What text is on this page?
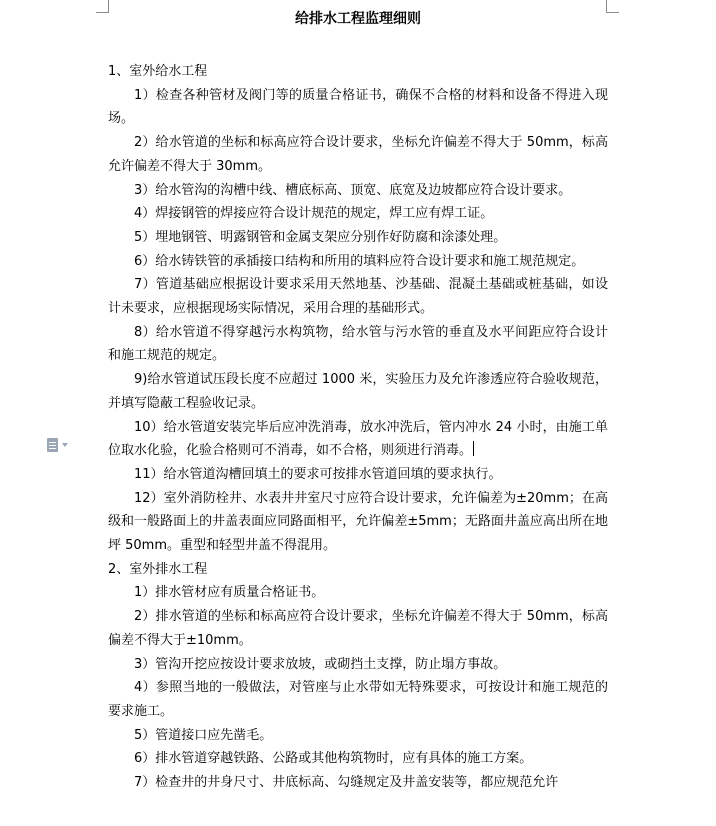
给排水工程监理细则

1、室外给水工程

1）检查各种管材及阀门等的质量合格证书，确保不合格的材料和设备不得进入现场。

2）给水管道的坐标和标高应符合设计要求，坐标允许偏差不得大于 50mm，标高允许偏差不得大于 30mm。

3）给水管沟的沟槽中线、槽底标高、顶宽、底宽及边坡都应符合设计要求。

4）焊接钢管的焊接应符合设计规范的规定，焊工应有焊工证。

5）埋地钢管、明露钢管和金属支架应分别作好防腐和涂漆处理。

6）给水铸铁管的承插接口结构和所用的填料应符合设计要求和施工规范规定。

7）管道基础应根据设计要求采用天然地基、沙基础、混凝土基础或桩基础，如设计未要求，应根据现场实际情况，采用合理的基础形式。

8）给水管道不得穿越污水构筑物，给水管与污水管的垂直及水平间距应符合设计和施工规范的规定。

9)给水管道试压段长度不应超过 1000 米，实验压力及允许渗透应符合验收规范，并填写隐蔽工程验收记录。

10）给水管道安装完毕后应冲洗消毒，放水冲洗后，管内冲水 24 小时，由施工单位取水化验，化验合格则可不消毒，如不合格，则须进行消毒。

11）给水管道沟槽回填土的要求可按排水管道回填的要求执行。

12）室外消防栓井、水表井井室尺寸应符合设计要求，允许偏差为±20mm；在高级和一般路面上的井盖表面应同路面相平，允许偏差±5mm；无路面井盖应高出所在地坪 50mm。重型和轻型井盖不得混用。

2、室外排水工程

1）排水管材应有质量合格证书。

2）排水管道的坐标和标高应符合设计要求，坐标允许偏差不得大于 50mm，标高偏差不得大于±10mm。

3）管沟开挖应按设计要求放坡，或砌挡土支撑，防止塌方事故。

4）参照当地的一般做法，对管座与止水带如无特殊要求，可按设计和施工规范的要求施工。

5）管道接口应先凿毛。

6）排水管道穿越铁路、公路或其他构筑物时，应有具体的施工方案。

7）检查井的井身尺寸、井底标高、勾缝规定及井盖安装等，都应规范允许
